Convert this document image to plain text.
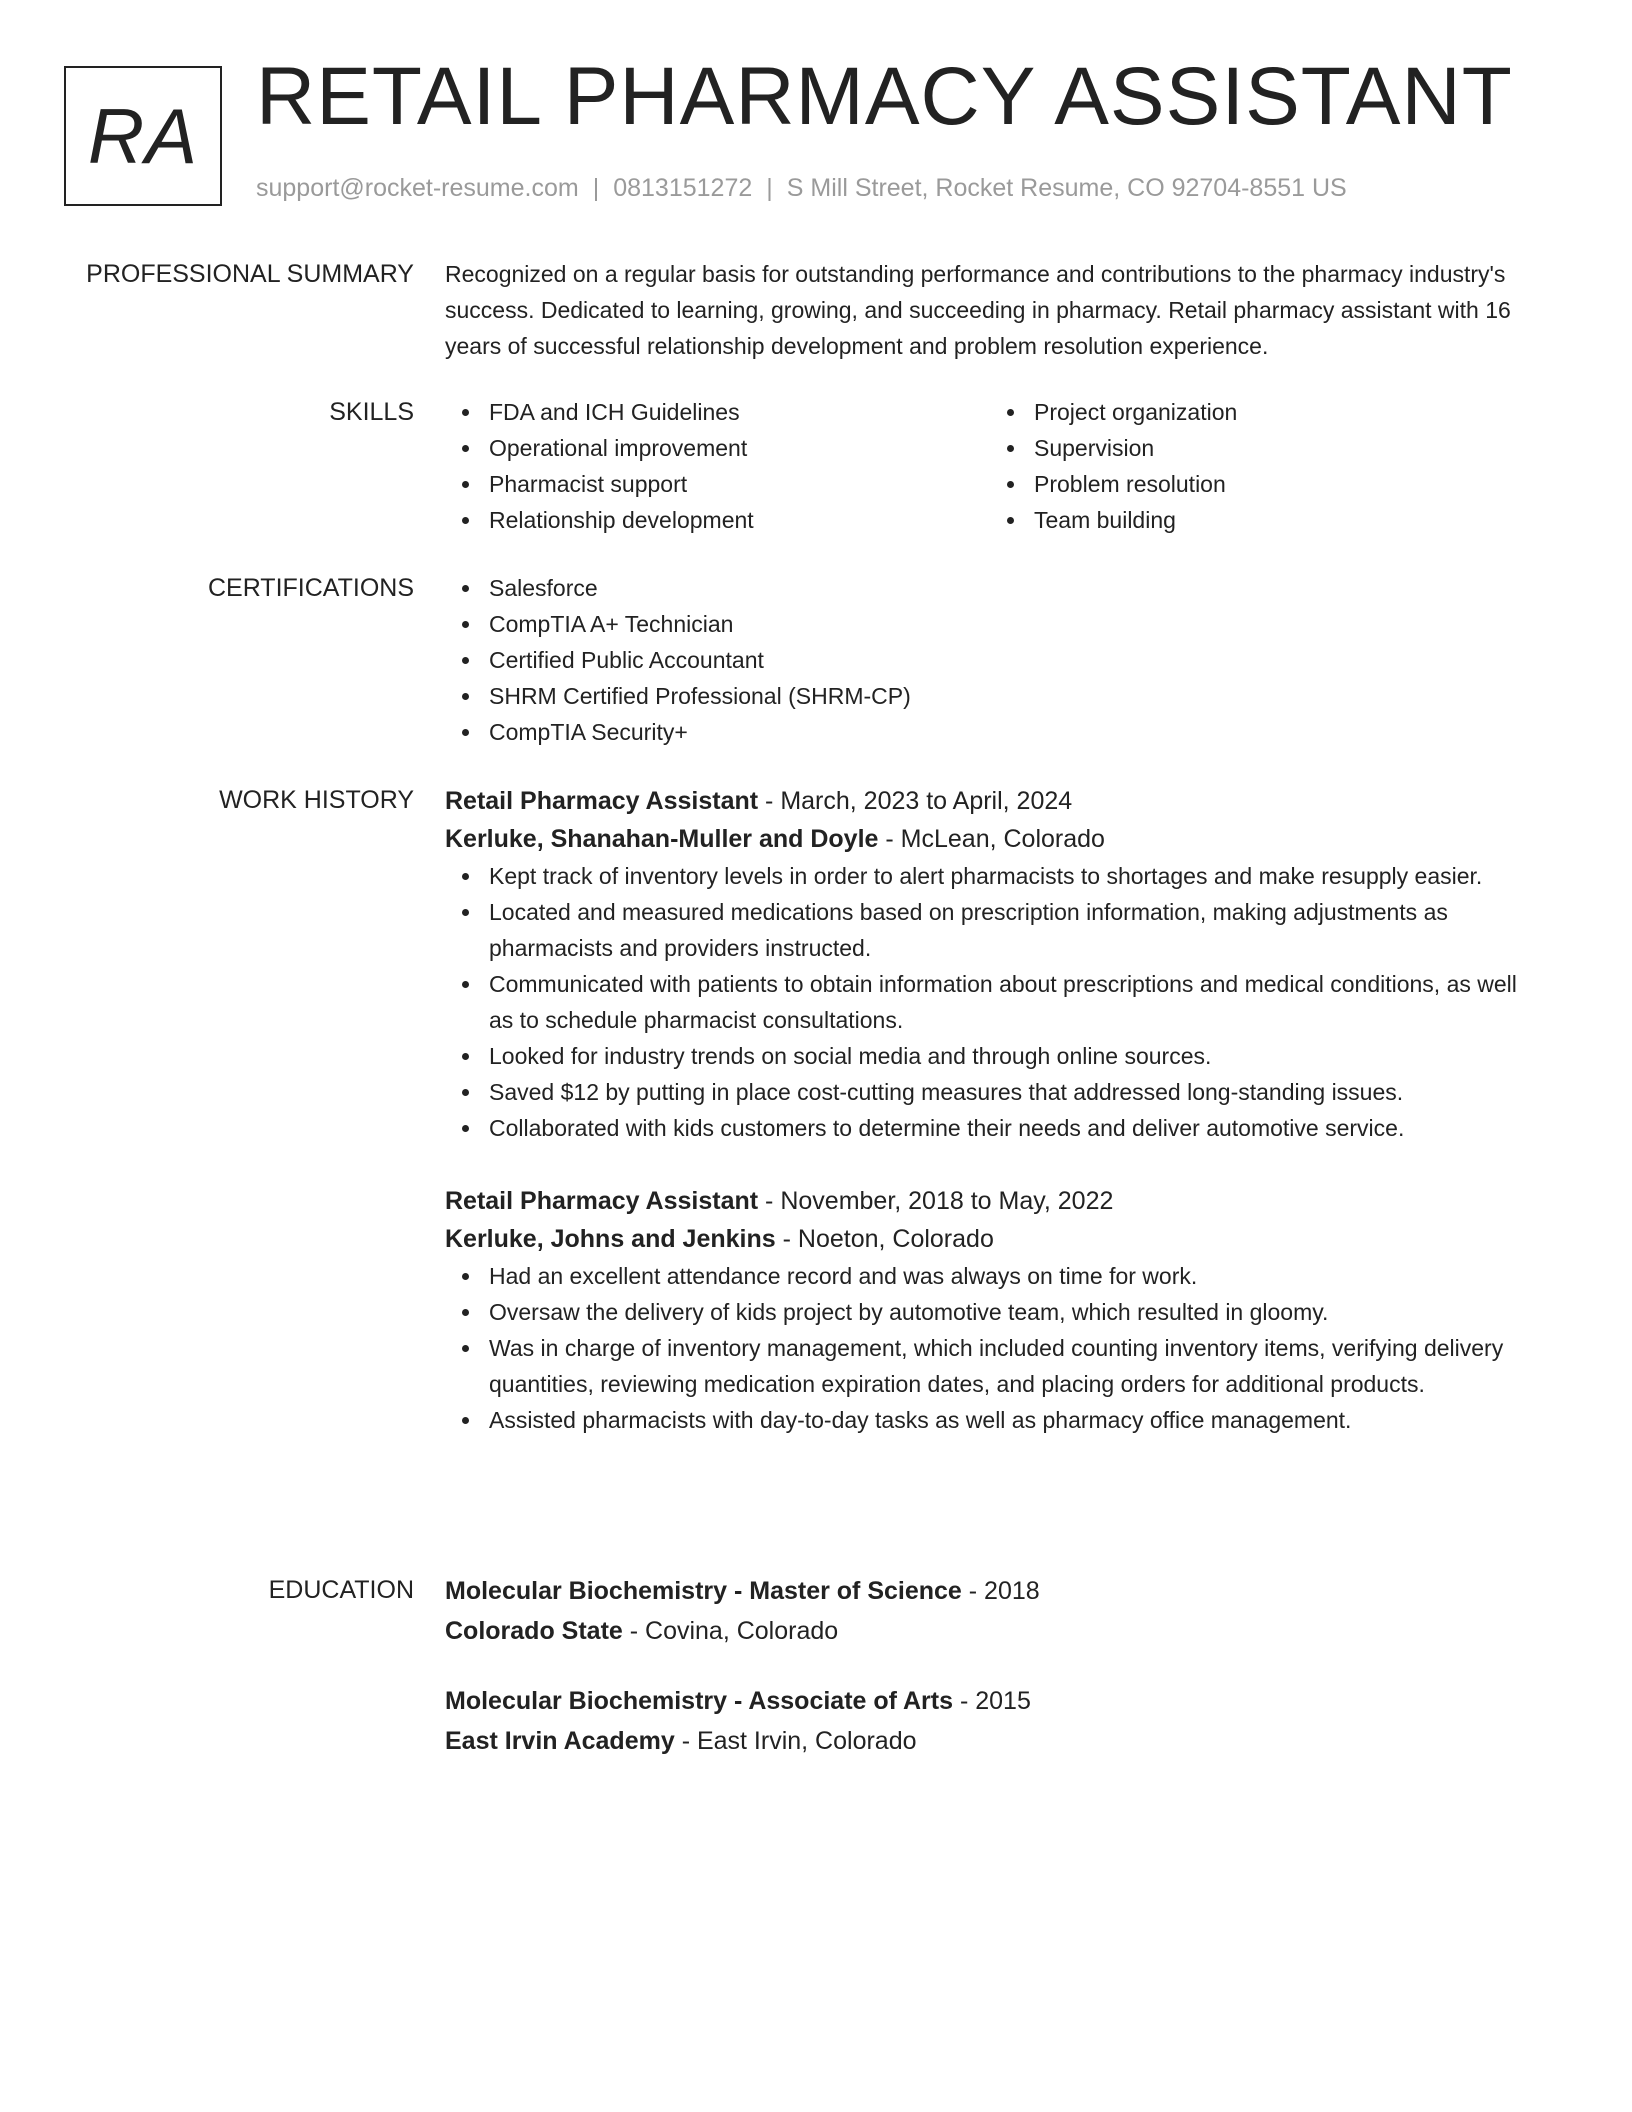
RA RETAIL PHARMACY ASSISTANT
support@rocket-resume.com | 0813151272 | S Mill Street, Rocket Resume, CO 92704-8551 US
PROFESSIONAL SUMMARY Recognized on a regular basis for outstanding performance and contributions to the pharmacy industry's success. Dedicated to learning, growing, and succeeding in pharmacy. Retail pharmacy assistant with 16 years of successful relationship development and problem resolution experience.
SKILLS	FDA and ICH Guidelines
Operational improvement
Pharmacist support
Relationship development
Project organization
Supervision
Problem resolution
Team building
CERTIFICATIONS	Salesforce
CompTIA A+ Technician
Certified Public Accountant
SHRM Certified Professional (SHRM-CP)
CompTIA Security+
WORK HISTORY Retail Pharmacy Assistant - March, 2023 to April, 2024
Kerluke, Shanahan-Muller and Doyle - McLean, Colorado
Kept track of inventory levels in order to alert pharmacists to shortages and make resupply easier.
Located and measured medications based on prescription information, making adjustments as pharmacists and providers instructed.
Communicated with patients to obtain information about prescriptions and medical conditions, as well as to schedule pharmacist consultations.
Looked for industry trends on social media and through online sources.
Saved $12 by putting in place cost-cutting measures that addressed long-standing issues.
Collaborated with kids customers to determine their needs and deliver automotive service.
Retail Pharmacy Assistant - November, 2018 to May, 2022
Kerluke, Johns and Jenkins - Noeton, Colorado
Had an excellent attendance record and was always on time for work.
Oversaw the delivery of kids project by automotive team, which resulted in gloomy.
Was in charge of inventory management, which included counting inventory items, verifying delivery quantities, reviewing medication expiration dates, and placing orders for additional products.
Assisted pharmacists with day-to-day tasks as well as pharmacy office management.
EDUCATION Molecular Biochemistry - Master of Science - 2018
Colorado State - Covina, Colorado
Molecular Biochemistry - Associate of Arts - 2015
East Irvin Academy - East Irvin, Colorado
